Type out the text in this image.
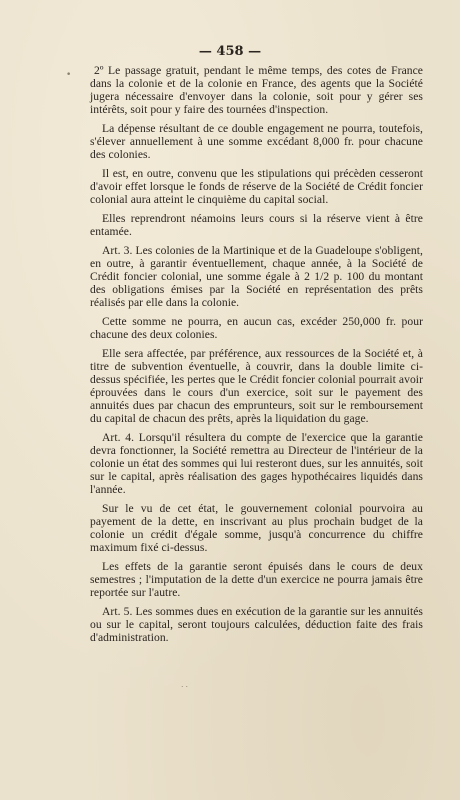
— 458 —

2º Le passage gratuit, pendant le même temps, des cotes de France dans la colonie et de la colonie en France, des agents que la Société jugera nécessaire d'envoyer dans la colonie, soit pour y gérer ses intérêts, soit pour y faire des tournées d'inspection.

La dépense résultant de ce double engagement ne pourra, toutefois, s'élever annuellement à une somme excédant 8,000 fr. pour chacune des colonies.

Il est, en outre, convenu que les stipulations qui précèden cesseront d'avoir effet lorsque le fonds de réserve de la Société de Crédit foncier colonial aura atteint le cinquième du capital social.

Elles reprendront néamoins leurs cours si la réserve vient à être entamée.

Art. 3. Les colonies de la Martinique et de la Guadeloupe s'obligent, en outre, à garantir éventuellement, chaque année, à la Société de Crédit foncier colonial, une somme égale à 2 1/2 p. 100 du montant des obligations émises par la Société en représentation des prêts réalisés par elle dans la colonie.

Cette somme ne pourra, en aucun cas, excéder 250,000 fr. pour chacune des deux colonies.

Elle sera affectée, par préférence, aux ressources de la Société et, à titre de subvention éventuelle, à couvrir, dans la double limite ci-dessus spécifiée, les pertes que le Crédit foncier colonial pourrait avoir éprouvées dans le cours d'un exercice, soit sur le payement des annuités dues par chacun des emprunteurs, soit sur le remboursement du capital de chacun des prêts, après la liquidation du gage.

Art. 4. Lorsqu'il résultera du compte de l'exercice que la garantie devra fonctionner, la Société remettra au Directeur de l'intérieur de la colonie un état des sommes qui lui resteront dues, sur les annuités, soit sur le capital, après réalisation des gages hypothécaires liquidés dans l'année.

Sur le vu de cet état, le gouvernement colonial pourvoira au payement de la dette, en inscrivant au plus prochain budget de la colonie un crédit d'égale somme, jusqu'à concurrence du chiffre maximum fixé ci-dessus.

Les effets de la garantie seront épuisés dans le cours de deux semestres ; l'imputation de la dette d'un exercice ne pourra jamais être reportée sur l'autre.

Art. 5. Les sommes dues en exécution de la garantie sur les annuités ou sur le capital, seront toujours calculées, déduction faite des frais d'administration.

•
˙˙
